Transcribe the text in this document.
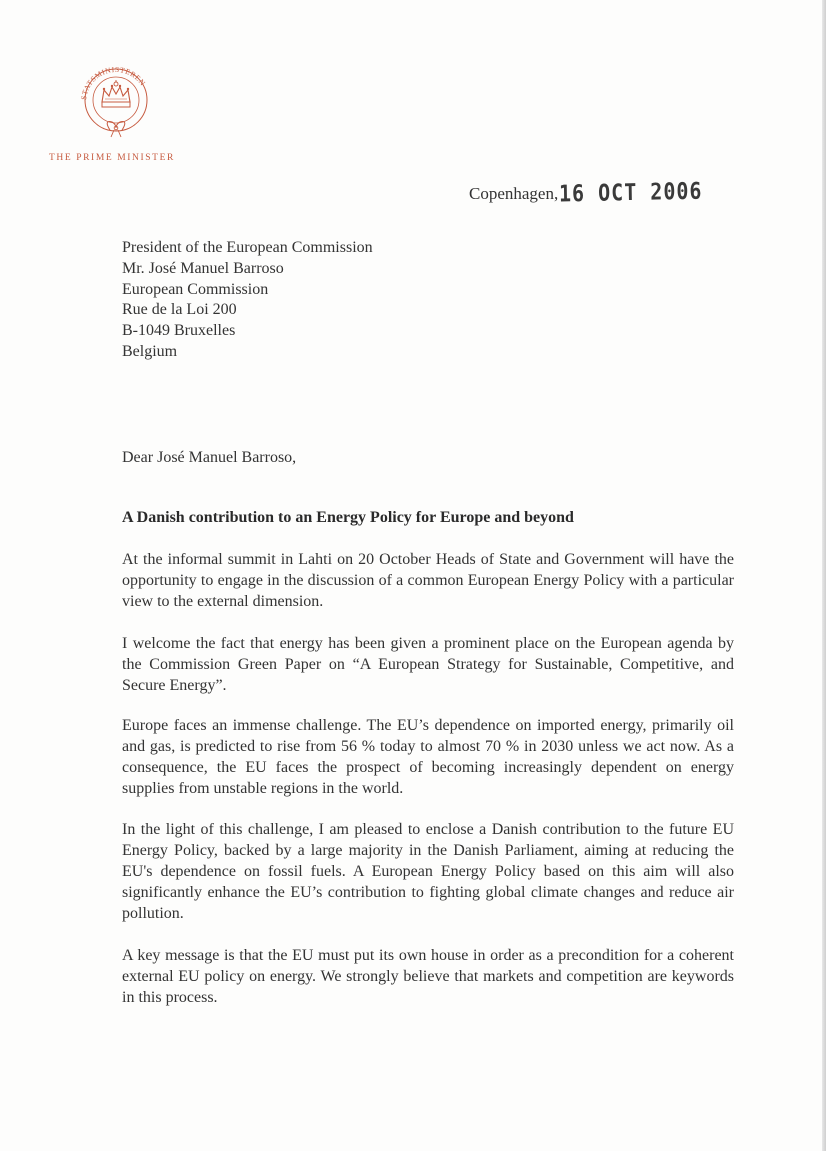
STATSMINISTEREN
THE PRIME MINISTER
Copenhagen,16 OCT 2006
President of the European Commission
Mr. José Manuel Barroso
European Commission
Rue de la Loi 200
B-1049 Bruxelles
Belgium
Dear José Manuel Barroso,
A Danish contribution to an Energy Policy for Europe and beyond
At the informal summit in Lahti on 20 October Heads of State and Government will have the opportunity to engage in the discussion of a common European Energy Policy with a particular view to the external dimension.
I welcome the fact that energy has been given a prominent place on the European agenda by the Commission Green Paper on “A European Strategy for Sustainable, Competitive, and Secure Energy”.
Europe faces an immense challenge. The EU’s dependence on imported energy, primarily oil and gas, is predicted to rise from 56 % today to almost 70 % in 2030 unless we act now. As a consequence, the EU faces the prospect of becoming increasingly dependent on energy supplies from unstable regions in the world.
In the light of this challenge, I am pleased to enclose a Danish contribution to the future EU Energy Policy, backed by a large majority in the Danish Parliament, aiming at reducing the EU's dependence on fossil fuels. A European Energy Policy based on this aim will also significantly enhance the EU’s contribution to fighting global climate changes and reduce air pollution.
A key message is that the EU must put its own house in order as a precondition for a coherent external EU policy on energy. We strongly believe that markets and competition are keywords in this process.
